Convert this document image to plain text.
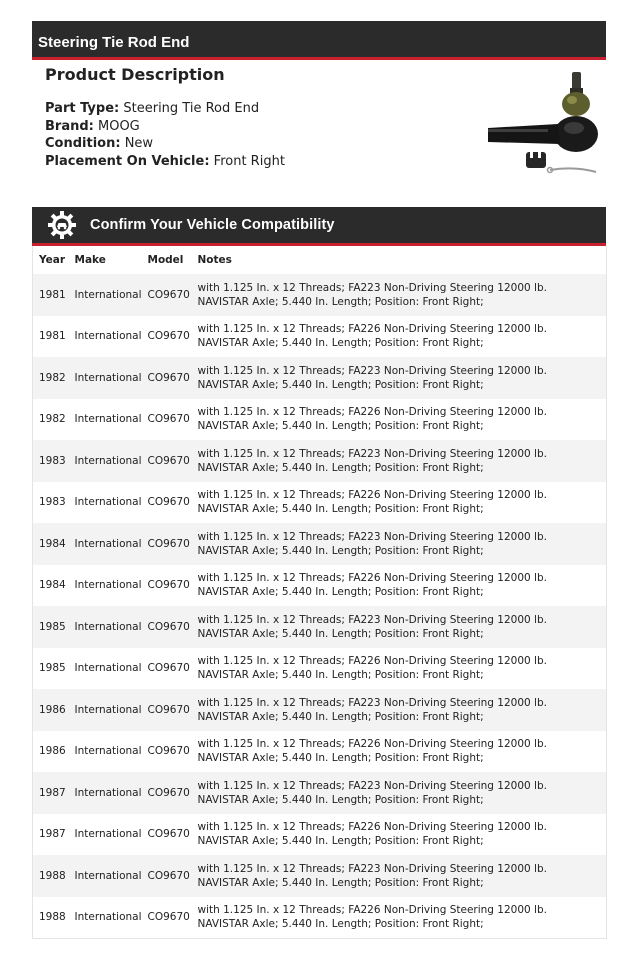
Steering Tie Rod End
Product Description
Part Type: Steering Tie Rod End
Brand: MOOG
Condition: New
Placement On Vehicle: Front Right
Confirm Your Vehicle Compatibility
Year	Make	Model	Notes
1981	International	CO9670	with 1.125 In. x 12 Threads; FA223 Non-Driving Steering 12000 lb. NAVISTAR Axle; 5.440 In. Length; Position: Front Right;
1981	International	CO9670	with 1.125 In. x 12 Threads; FA226 Non-Driving Steering 12000 lb. NAVISTAR Axle; 5.440 In. Length; Position: Front Right;
1982	International	CO9670	with 1.125 In. x 12 Threads; FA223 Non-Driving Steering 12000 lb. NAVISTAR Axle; 5.440 In. Length; Position: Front Right;
1982	International	CO9670	with 1.125 In. x 12 Threads; FA226 Non-Driving Steering 12000 lb. NAVISTAR Axle; 5.440 In. Length; Position: Front Right;
1983	International	CO9670	with 1.125 In. x 12 Threads; FA223 Non-Driving Steering 12000 lb. NAVISTAR Axle; 5.440 In. Length; Position: Front Right;
1983	International	CO9670	with 1.125 In. x 12 Threads; FA226 Non-Driving Steering 12000 lb. NAVISTAR Axle; 5.440 In. Length; Position: Front Right;
1984	International	CO9670	with 1.125 In. x 12 Threads; FA223 Non-Driving Steering 12000 lb. NAVISTAR Axle; 5.440 In. Length; Position: Front Right;
1984	International	CO9670	with 1.125 In. x 12 Threads; FA226 Non-Driving Steering 12000 lb. NAVISTAR Axle; 5.440 In. Length; Position: Front Right;
1985	International	CO9670	with 1.125 In. x 12 Threads; FA223 Non-Driving Steering 12000 lb. NAVISTAR Axle; 5.440 In. Length; Position: Front Right;
1985	International	CO9670	with 1.125 In. x 12 Threads; FA226 Non-Driving Steering 12000 lb. NAVISTAR Axle; 5.440 In. Length; Position: Front Right;
1986	International	CO9670	with 1.125 In. x 12 Threads; FA223 Non-Driving Steering 12000 lb. NAVISTAR Axle; 5.440 In. Length; Position: Front Right;
1986	International	CO9670	with 1.125 In. x 12 Threads; FA226 Non-Driving Steering 12000 lb. NAVISTAR Axle; 5.440 In. Length; Position: Front Right;
1987	International	CO9670	with 1.125 In. x 12 Threads; FA223 Non-Driving Steering 12000 lb. NAVISTAR Axle; 5.440 In. Length; Position: Front Right;
1987	International	CO9670	with 1.125 In. x 12 Threads; FA226 Non-Driving Steering 12000 lb. NAVISTAR Axle; 5.440 In. Length; Position: Front Right;
1988	International	CO9670	with 1.125 In. x 12 Threads; FA223 Non-Driving Steering 12000 lb. NAVISTAR Axle; 5.440 In. Length; Position: Front Right;
1988	International	CO9670	with 1.125 In. x 12 Threads; FA226 Non-Driving Steering 12000 lb. NAVISTAR Axle; 5.440 In. Length; Position: Front Right;
